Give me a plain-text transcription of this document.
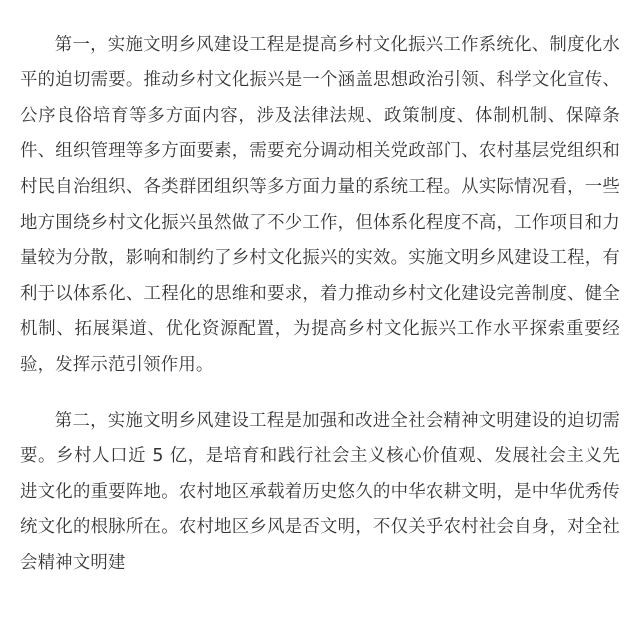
第一，实施文明乡风建设工程是提高乡村文化振兴工作系统化、制度化水平的迫切需要。推动乡村文化振兴是一个涵盖思想政治引领、科学文化宣传、公序良俗培育等多方面内容，涉及法律法规、政策制度、体制机制、保障条件、组织管理等多方面要素，需要充分调动相关党政部门、农村基层党组织和村民自治组织、各类群团组织等多方面力量的系统工程。从实际情况看，一些地方围绕乡村文化振兴虽然做了不少工作，但体系化程度不高，工作项目和力量较为分散，影响和制约了乡村文化振兴的实效。实施文明乡风建设工程，有利于以体系化、工程化的思维和要求，着力推动乡村文化建设完善制度、健全机制、拓展渠道、优化资源配置，为提高乡村文化振兴工作水平探索重要经验，发挥示范引领作用。

第二，实施文明乡风建设工程是加强和改进全社会精神文明建设的迫切需要。乡村人口近 5 亿，是培育和践行社会主义核心价值观、发展社会主义先进文化的重要阵地。农村地区承载着历史悠久的中华农耕文明，是中华优秀传统文化的根脉所在。农村地区乡风是否文明，不仅关乎农村社会自身，对全社会精神文明建
